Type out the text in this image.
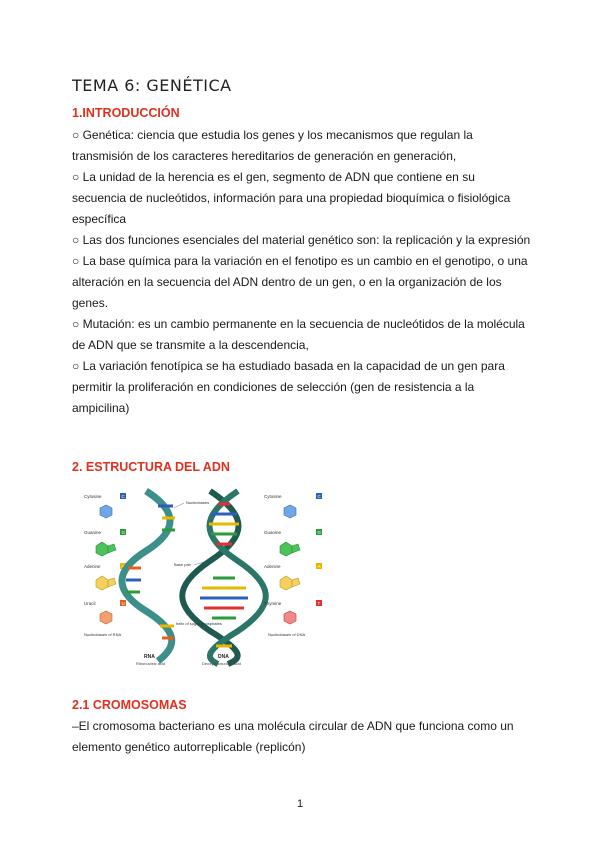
TEMA 6: GENÉTICA
1.INTRODUCCIÓN

○ Genética: ciencia que estudia los genes y los mecanismos que regulan la transmisión de los caracteres hereditarios de generación en generación,

○ La unidad de la herencia es el gen, segmento de ADN que contiene en su secuencia de nucleótidos, información para una propiedad bioquímica o fisiológica específica

○ Las dos funciones esenciales del material genético son: la replicación y la expresión

○ La base química para la variación en el fenotipo es un cambio en el genotipo, o una alteración en la secuencia del ADN dentro de un gen, o en la organización de los genes.

○ Mutación: es un cambio permanente en la secuencia de nucleótidos de la molécula de ADN que se transmite a la descendencia,

○ La variación fenotípica se ha estudiado basada en la capacidad de un gen para permitir la proliferación en condiciones de selección (gen de resistencia a la ampicilina)

2. ESTRUCTURA DEL ADN
Cytosine	C
Guanine	G
Adenine	A
Uracil	U
Nucleobases of RNA
Nucleobases
Base pair
helix of sugar-phosphates
Cytosine	C
Guanine	G
Adenine	A
Thymine	T
Nucleobases of DNA
RNA
Ribonucleic acid
DNA
Deoxyribonucleic acid
2.1 CROMOSOMAS

–El cromosoma bacteriano es una molécula circular de ADN que funciona como un elemento genético autorreplicable (replicón)

1
